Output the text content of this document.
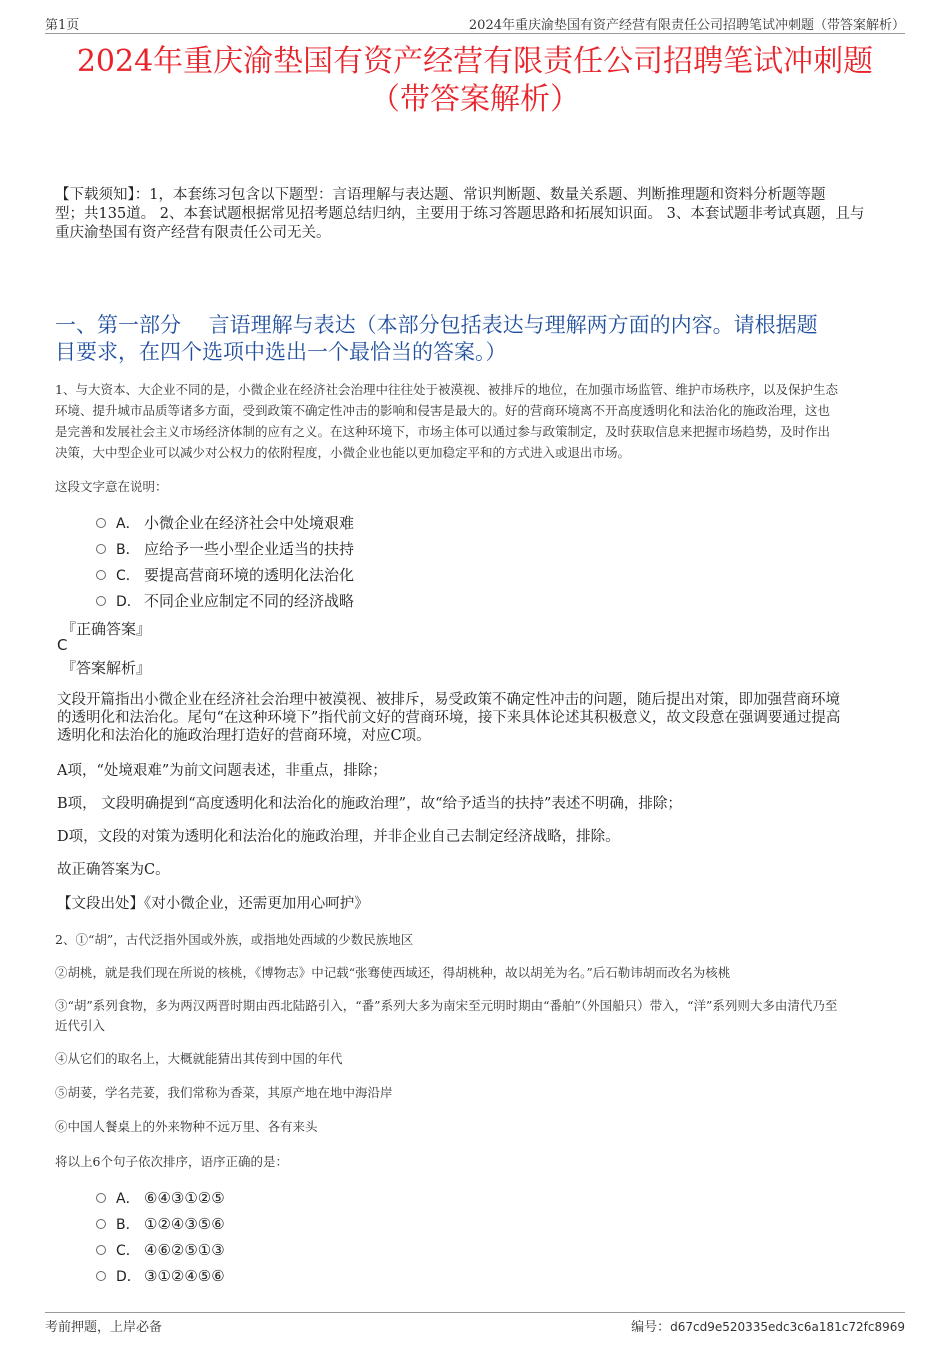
第1页	2024年重庆渝垫国有资产经营有限责任公司招聘笔试冲刺题（带答案解析）
2024年重庆渝垫国有资产经营有限责任公司招聘笔试冲刺题
（带答案解析）
【下载须知】：1，本套练习包含以下题型：言语理解与表达题、常识判断题、数量关系题、判断推理题和资料分析题等题
型；共135道。 2、本套试题根据常见招考题总结归纳，主要用于练习答题思路和拓展知识面。 3、本套试题非考试真题，且与
重庆渝垫国有资产经营有限责任公司无关。
一、第一部分　 言语理解与表达（本部分包括表达与理解两方面的内容。请根据题
目要求，在四个选项中选出一个最恰当的答案。）
1、与大资本、大企业不同的是，小微企业在经济社会治理中往往处于被漠视、被排斥的地位，在加强市场监管、维护市场秩序，以及保护生态
环境、提升城市品质等诸多方面，受到政策不确定性冲击的影响和侵害是最大的。好的营商环境离不开高度透明化和法治化的施政治理，这也
是完善和发展社会主义市场经济体制的应有之义。在这种环境下，市场主体可以通过参与政策制定，及时获取信息来把握市场趋势，及时作出
决策，大中型企业可以减少对公权力的依附程度，小微企业也能以更加稳定平和的方式进入或退出市场。
这段文字意在说明：
A． 小微企业在经济社会中处境艰难
B． 应给予一些小型企业适当的扶持
C． 要提高营商环境的透明化法治化
D． 不同企业应制定不同的经济战略
『正确答案』
C
『答案解析』
文段开篇指出小微企业在经济社会治理中被漠视、被排斥，易受政策不确定性冲击的问题，随后提出对策，即加强营商环境
的透明化和法治化。尾句“在这种环境下”指代前文好的营商环境，接下来具体论述其积极意义，故文段意在强调要通过提高
透明化和法治化的施政治理打造好的营商环境，对应C项。
A项，“处境艰难”为前文问题表述，非重点，排除；
B项， 文段明确提到“高度透明化和法治化的施政治理”，故“给予适当的扶持”表述不明确，排除；
D项，文段的对策为透明化和法治化的施政治理，并非企业自己去制定经济战略，排除。
故正确答案为C。
【文段出处】《对小微企业，还需更加用心呵护》
2、①“胡”，古代泛指外国或外族，或指地处西域的少数民族地区
②胡桃，就是我们现在所说的核桃，《博物志》中记载“张骞使西域还，得胡桃种，故以胡羌为名。”后石勒讳胡而改名为核桃
③“胡”系列食物，多为两汉两晋时期由西北陆路引入，“番”系列大多为南宋至元明时期由“番舶”（外国船只）带入，“洋”系列则大多由清代乃至
近代引入
④从它们的取名上，大概就能猜出其传到中国的年代
⑤胡荽，学名芫荽，我们常称为香菜，其原产地在地中海沿岸
⑥中国人餐桌上的外来物种不远万里、各有来头
将以上6个句子依次排序，语序正确的是：
A． ⑥④③①②⑤
B． ①②④③⑤⑥
C． ④⑥②⑤①③
D． ③①②④⑤⑥
考前押题，上岸必备	编号：d67cd9e520335edc3c6a181c72fc8969
